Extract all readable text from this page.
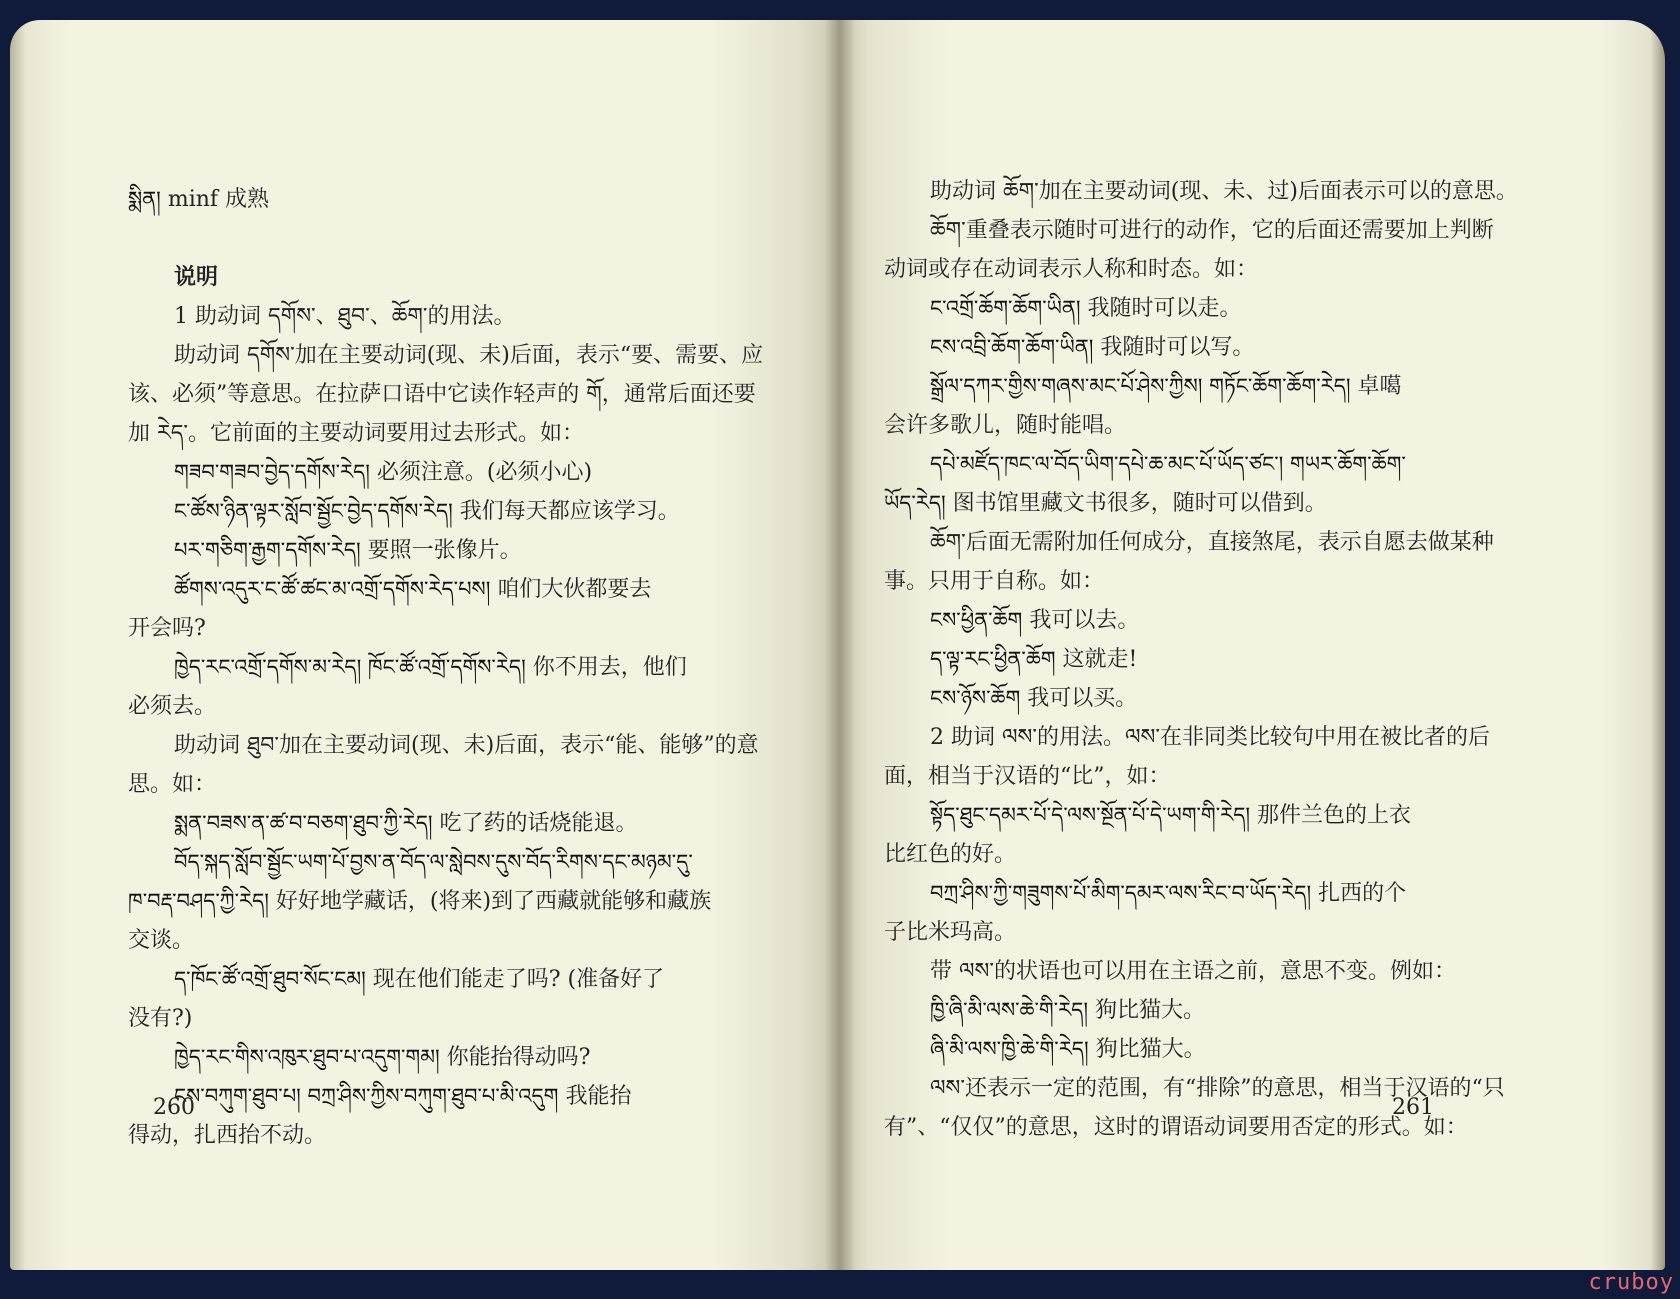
སྨིན། minf 成熟
说明
1 助动词 དགོས་、ཐུབ་、ཆོག་的用法。
助动词 དགོས་加在主要动词(现、未)后面，表示“要、需要、应
该、必须”等意思。在拉萨口语中它读作轻声的 གོ，通常后面还要
加 རེད་。它前面的主要动词要用过去形式。如：
གཟབ་གཟབ་བྱེད་དགོས་རེད། 必须注意。(必须小心)
ང་ཚོས་ཉིན་ལྟར་སློབ་སྦྱོང་བྱེད་དགོས་རེད། 我们每天都应该学习。
པར་གཅིག་རྒྱག་དགོས་རེད། 要照一张像片。
ཚོགས་འདུར་ང་ཚོ་ཚང་མ་འགྲོ་དགོས་རེད་པས། 咱们大伙都要去
开会吗?
ཁྱེད་རང་འགྲོ་དགོས་མ་རེད། ཁོང་ཚོ་འགྲོ་དགོས་རེད། 你不用去，他们
必须去。
助动词 ཐུབ་加在主要动词(现、未)后面，表示“能、能够”的意
思。如：
སྨན་བཟས་ན་ཚ་བ་བཅག་ཐུབ་ཀྱི་རེད། 吃了药的话烧能退。
བོད་སྐད་སློབ་སྦྱོང་ཡག་པོ་བྱས་ན་བོད་ལ་སླེབས་དུས་བོད་རིགས་དང་མཉམ་དུ་
ཁ་བརྡ་བཤད་ཀྱི་རེད། 好好地学藏话，(将来)到了西藏就能够和藏族
交谈。
ད་ཁོང་ཚོ་འགྲོ་ཐུབ་སོང་ངམ། 现在他们能走了吗? (准备好了
没有?)
ཁྱེད་རང་གིས་འཁུར་ཐུབ་པ་འདུག་གམ། 你能抬得动吗?
ངས་བཀུག་ཐུབ་པ། བཀྲ་ཤིས་ཀྱིས་བཀུག་ཐུབ་པ་མི་འདུག 我能抬
得动，扎西抬不动。
260
助动词 ཆོག་加在主要动词(现、未、过)后面表示可以的意思。
ཆོག་重叠表示随时可进行的动作，它的后面还需要加上判断
动词或存在动词表示人称和时态。如：
ང་འགྲོ་ཆོག་ཆོག་ཡིན། 我随时可以走。
ངས་འབྲི་ཆོག་ཆོག་ཡིན། 我随时可以写。
སྒྲོལ་དཀར་གྱིས་གཞས་མང་པོ་ཤེས་ཀྱིས། གཏོང་ཆོག་ཆོག་རེད། 卓噶
会许多歌儿，随时能唱。
དཔེ་མཛོད་ཁང་ལ་བོད་ཡིག་དཔེ་ཆ་མང་པོ་ཡོད་ཙང་། གཡར་ཆོག་ཆོག་
ཡོད་རེད། 图书馆里藏文书很多，随时可以借到。
ཆོག་后面无需附加任何成分，直接煞尾，表示自愿去做某种
事。只用于自称。如：
ངས་ཕྱིན་ཆོག 我可以去。
ད་ལྟ་རང་ཕྱིན་ཆོག 这就走!
ངས་ཉོས་ཆོག 我可以买。
2 助词 ལས་的用法。ལས་在非同类比较句中用在被比者的后
面，相当于汉语的“比”，如：
སྟོད་ཐུང་དམར་པོ་དེ་ལས་སྔོན་པོ་དེ་ཡག་གི་རེད། 那件兰色的上衣
比红色的好。
བཀྲ་ཤིས་ཀྱི་གཟུགས་པོ་མིག་དམར་ལས་རིང་བ་ཡོད་རེད། 扎西的个
子比米玛高。
带 ལས་的状语也可以用在主语之前，意思不变。例如：
ཁྱི་ཞི་མི་ལས་ཆེ་གི་རེད། 狗比猫大。
ཞི་མི་ལས་ཁྱི་ཆེ་གི་རེད། 狗比猫大。
ལས་还表示一定的范围，有“排除”的意思，相当于汉语的“只
有”、“仅仅”的意思，这时的谓语动词要用否定的形式。如：
261
cruboy
